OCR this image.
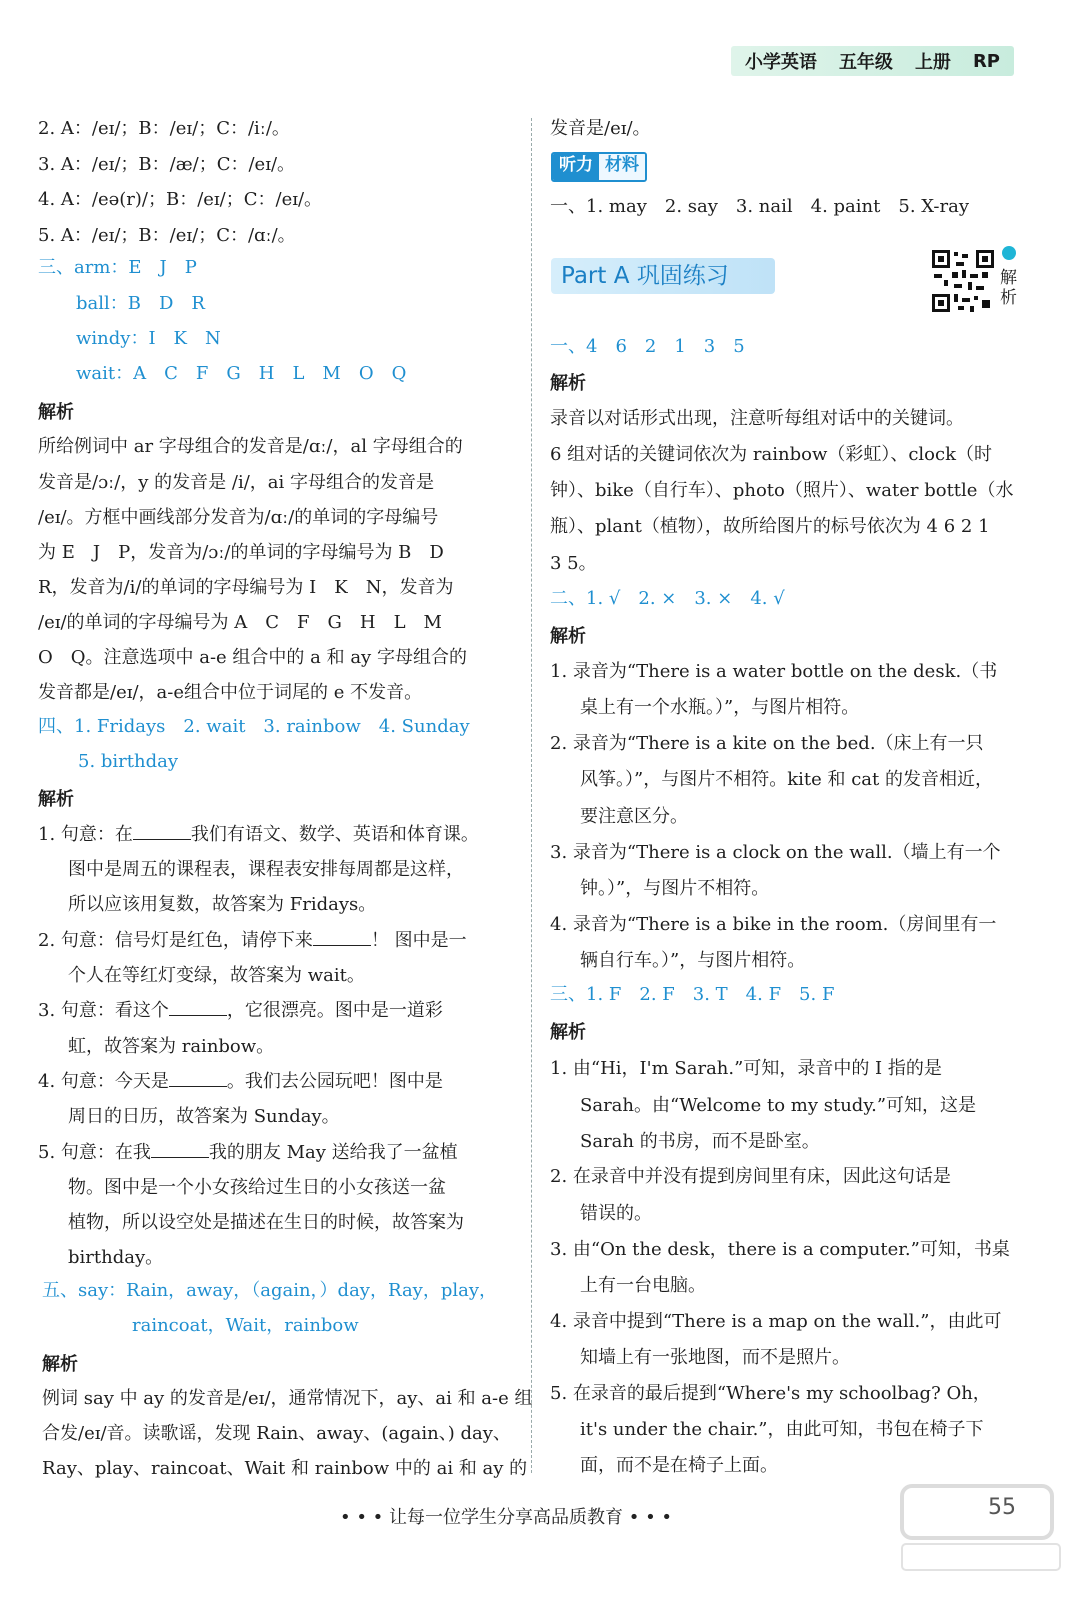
小学英语 五年级 上册 RP
2. A：/eɪ/；B：/eɪ/；C：/iː/。
3. A：/eɪ/；B：/æ/；C：/eɪ/。
4. A：/eə(r)/；B：/eɪ/；C：/eɪ/。
5. A：/eɪ/；B：/eɪ/；C：/ɑː/。
三、arm：E　J　P
ball：B　D　R
windy：I　K　N
wait：A　C　F　G　H　L　M　O　Q
解析
所给例词中 ar 字母组合的发音是/ɑː/，al 字母组合的
发音是/ɔː/，y 的发音是 /i/，ai 字母组合的发音是
/eɪ/。方框中画线部分发音为/ɑː/的单词的字母编号
为 E　J　P，发音为/ɔː/的单词的字母编号为 B　D
R，发音为/i/的单词的字母编号为 I　K　N，发音为
/eɪ/的单词的字母编号为 A　C　F　G　H　L　M
O　Q。注意选项中 a-e 组合中的 a 和 ay 字母组合的
发音都是/eɪ/，a-e组合中位于词尾的 e 不发音。
四、1. Fridays　2. wait　3. rainbow　4. Sunday
5. birthday
解析
1. 句意：在	我们有语文、数学、英语和体育课。
图中是周五的课程表，课程表安排每周都是这样，
所以应该用复数，故答案为 Fridays。
2. 句意：信号灯是红色，请停下来	！ 图中是一
个人在等红灯变绿，故答案为 wait。
3. 句意：看这个	，它很漂亮。图中是一道彩
虹，故答案为 rainbow。
4. 句意：今天是	。我们去公园玩吧！图中是
周日的日历，故答案为 Sunday。
5. 句意：在我	我的朋友 May 送给我了一盆植
物。图中是一个小女孩给过生日的小女孩送一盆
植物，所以设空处是描述在生日的时候，故答案为
birthday。
五、say：Rain，away，（again，）day，Ray，play，
raincoat，Wait，rainbow
解析
例词 say 中 ay 的发音是/eɪ/，通常情况下，ay、ai 和 a-e 组
合发/eɪ/音。读歌谣，发现 Rain、away、(again、) day、
Ray、play、raincoat、Wait 和 rainbow 中的 ai 和 ay 的
发音是/eɪ/。
听力 材料
一、1. may　2. say　3. nail　4. paint　5. X-ray
Part A 巩固练习	解析
一、4　6　2　1　3　5
解析
录音以对话形式出现，注意听每组对话中的关键词。
6 组对话的关键词依次为 rainbow（彩虹）、clock（时
钟）、bike（自行车）、photo（照片）、water bottle（水
瓶）、plant（植物），故所给图片的标号依次为 4 6 2 1
3 5。
二、1. √　2. ×　3. ×　4. √
解析
1. 录音为“There is a water bottle on the desk.（书
桌上有一个水瓶。）”，与图片相符。
2. 录音为“There is a kite on the bed.（床上有一只
风筝。）”，与图片不相符。kite 和 cat 的发音相近，
要注意区分。
3. 录音为“There is a clock on the wall.（墙上有一个
钟。）”，与图片不相符。
4. 录音为“There is a bike in the room.（房间里有一
辆自行车。）”，与图片相符。
三、1. F　2. F　3. T　4. F　5. F
解析
1. 由“Hi，I'm Sarah.”可知，录音中的 I 指的是
Sarah。由“Welcome to my study.”可知，这是
Sarah 的书房，而不是卧室。
2. 在录音中并没有提到房间里有床，因此这句话是
错误的。
3. 由“On the desk，there is a computer.”可知，书桌
上有一台电脑。
4. 录音中提到“There is a map on the wall.”，由此可
知墙上有一张地图，而不是照片。
5. 在录音的最后提到“Where's my schoolbag? Oh，
it's under the chair.”，由此可知，书包在椅子下
面，而不是在椅子上面。
• • • 让每一位学生分享高品质教育 • • •	55
